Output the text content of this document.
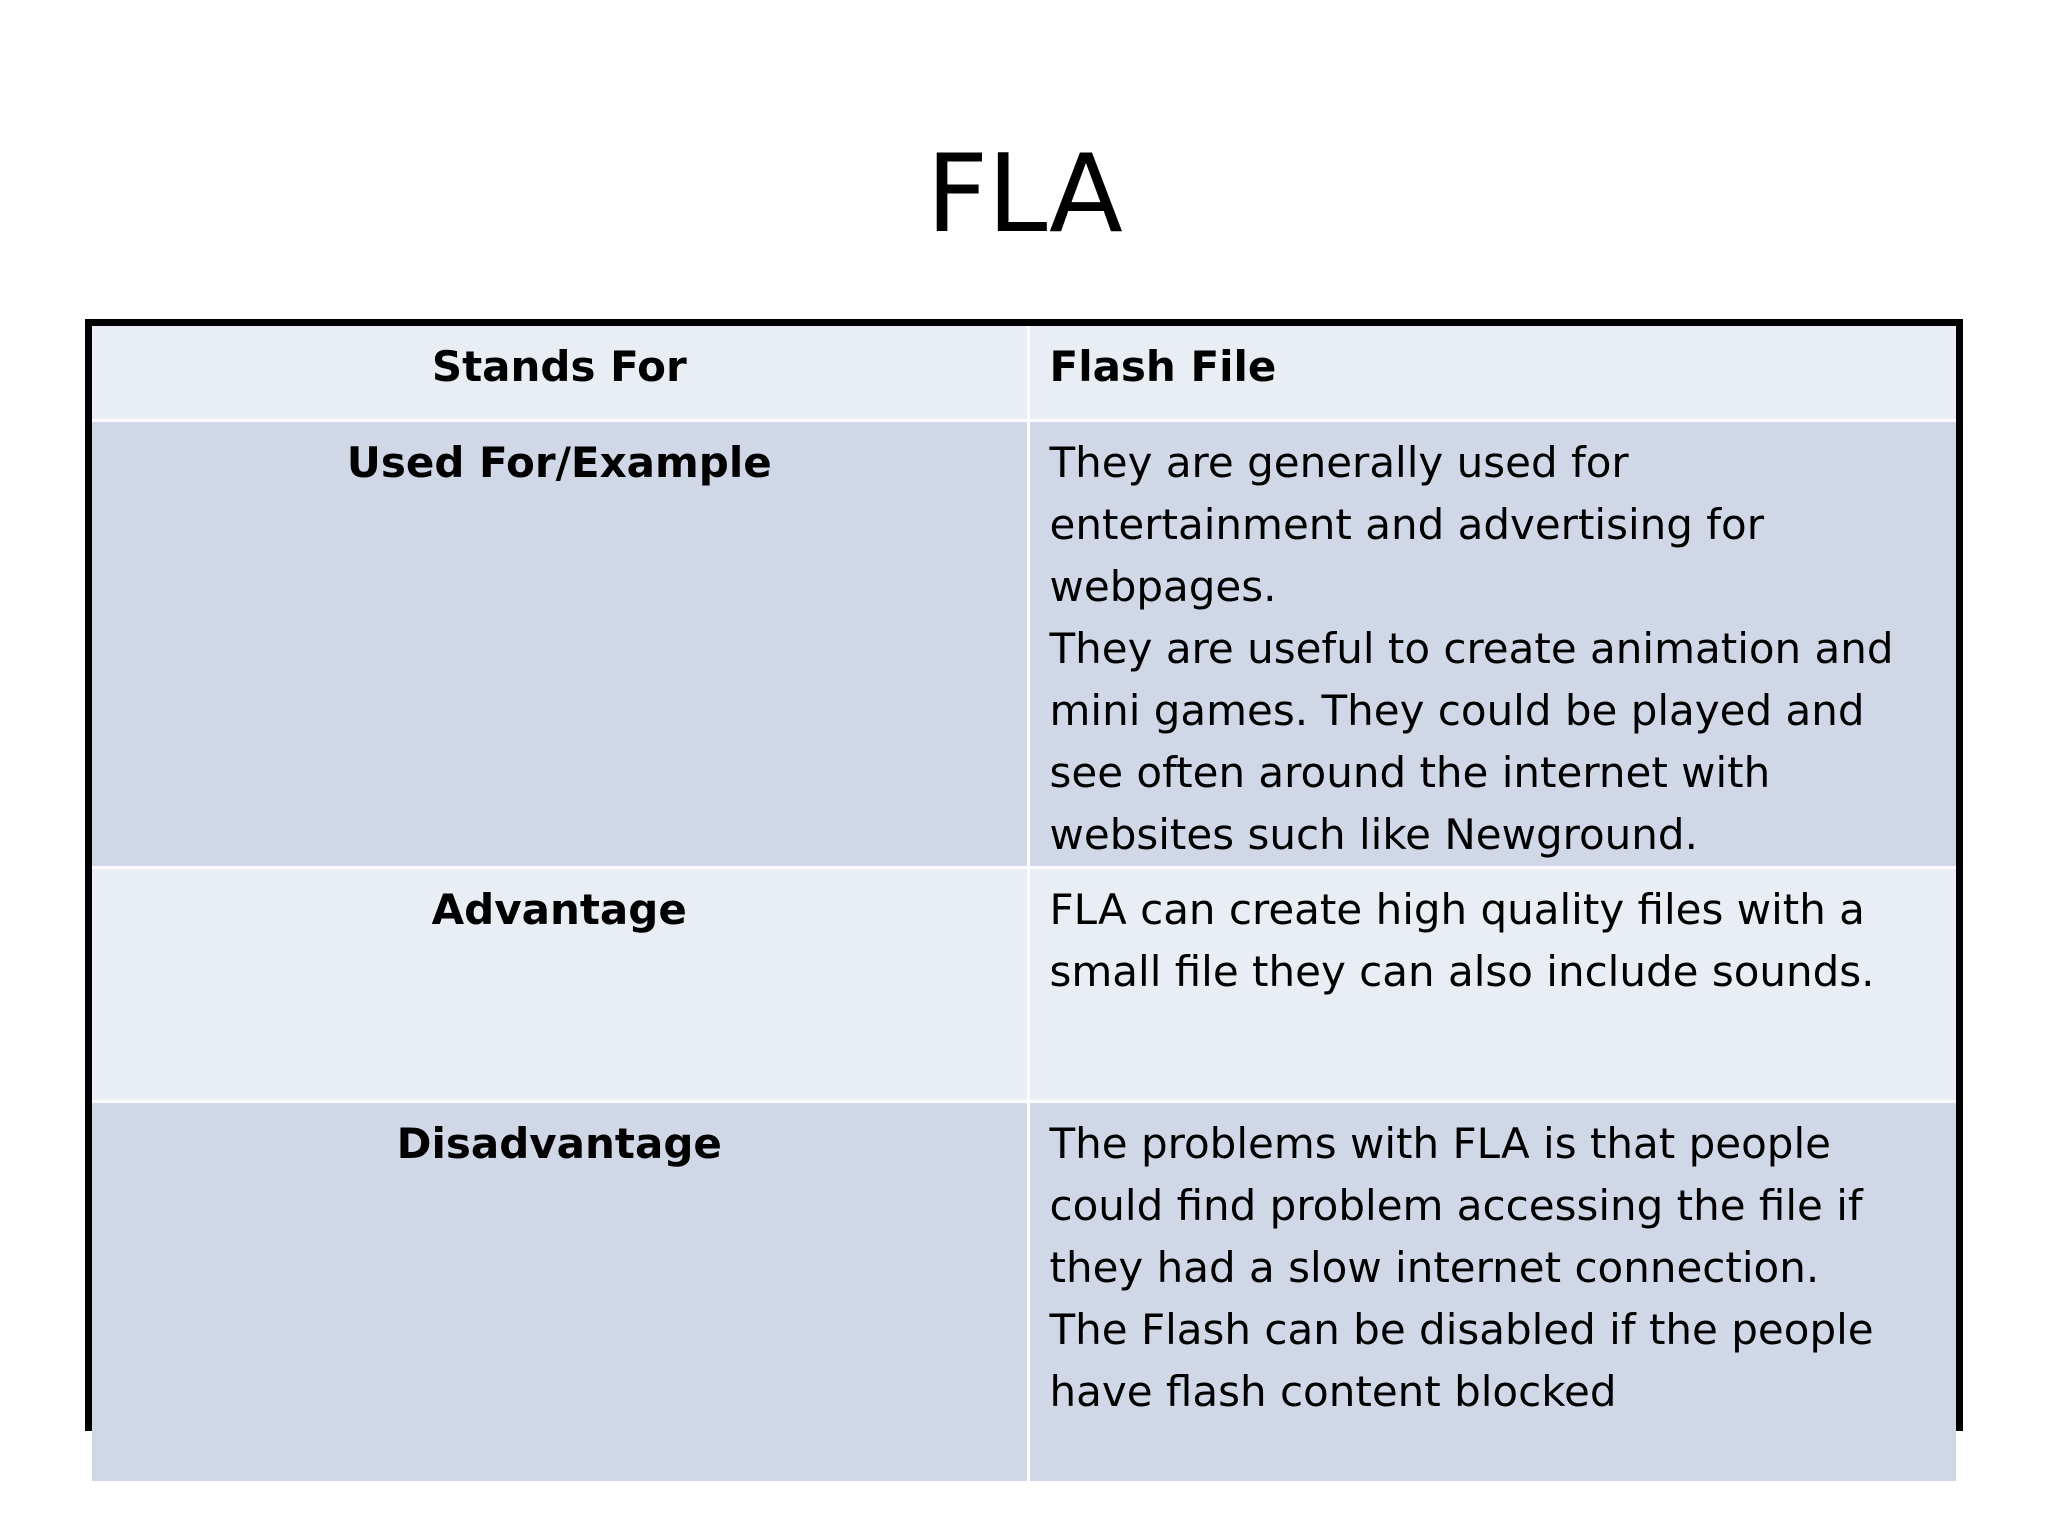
FLA
Stands For	Flash File

Used For/Example	They are generally used for entertainment and advertising for webpages.
They are useful to create animation and mini games. They could be played and see often around the internet with websites such like Newground.

Advantage	FLA can create high quality files with a small file they can also include sounds.

Disadvantage	The problems with FLA is that people could find problem accessing the file if they had a slow internet connection.
The Flash can be disabled if the people have flash content blocked
